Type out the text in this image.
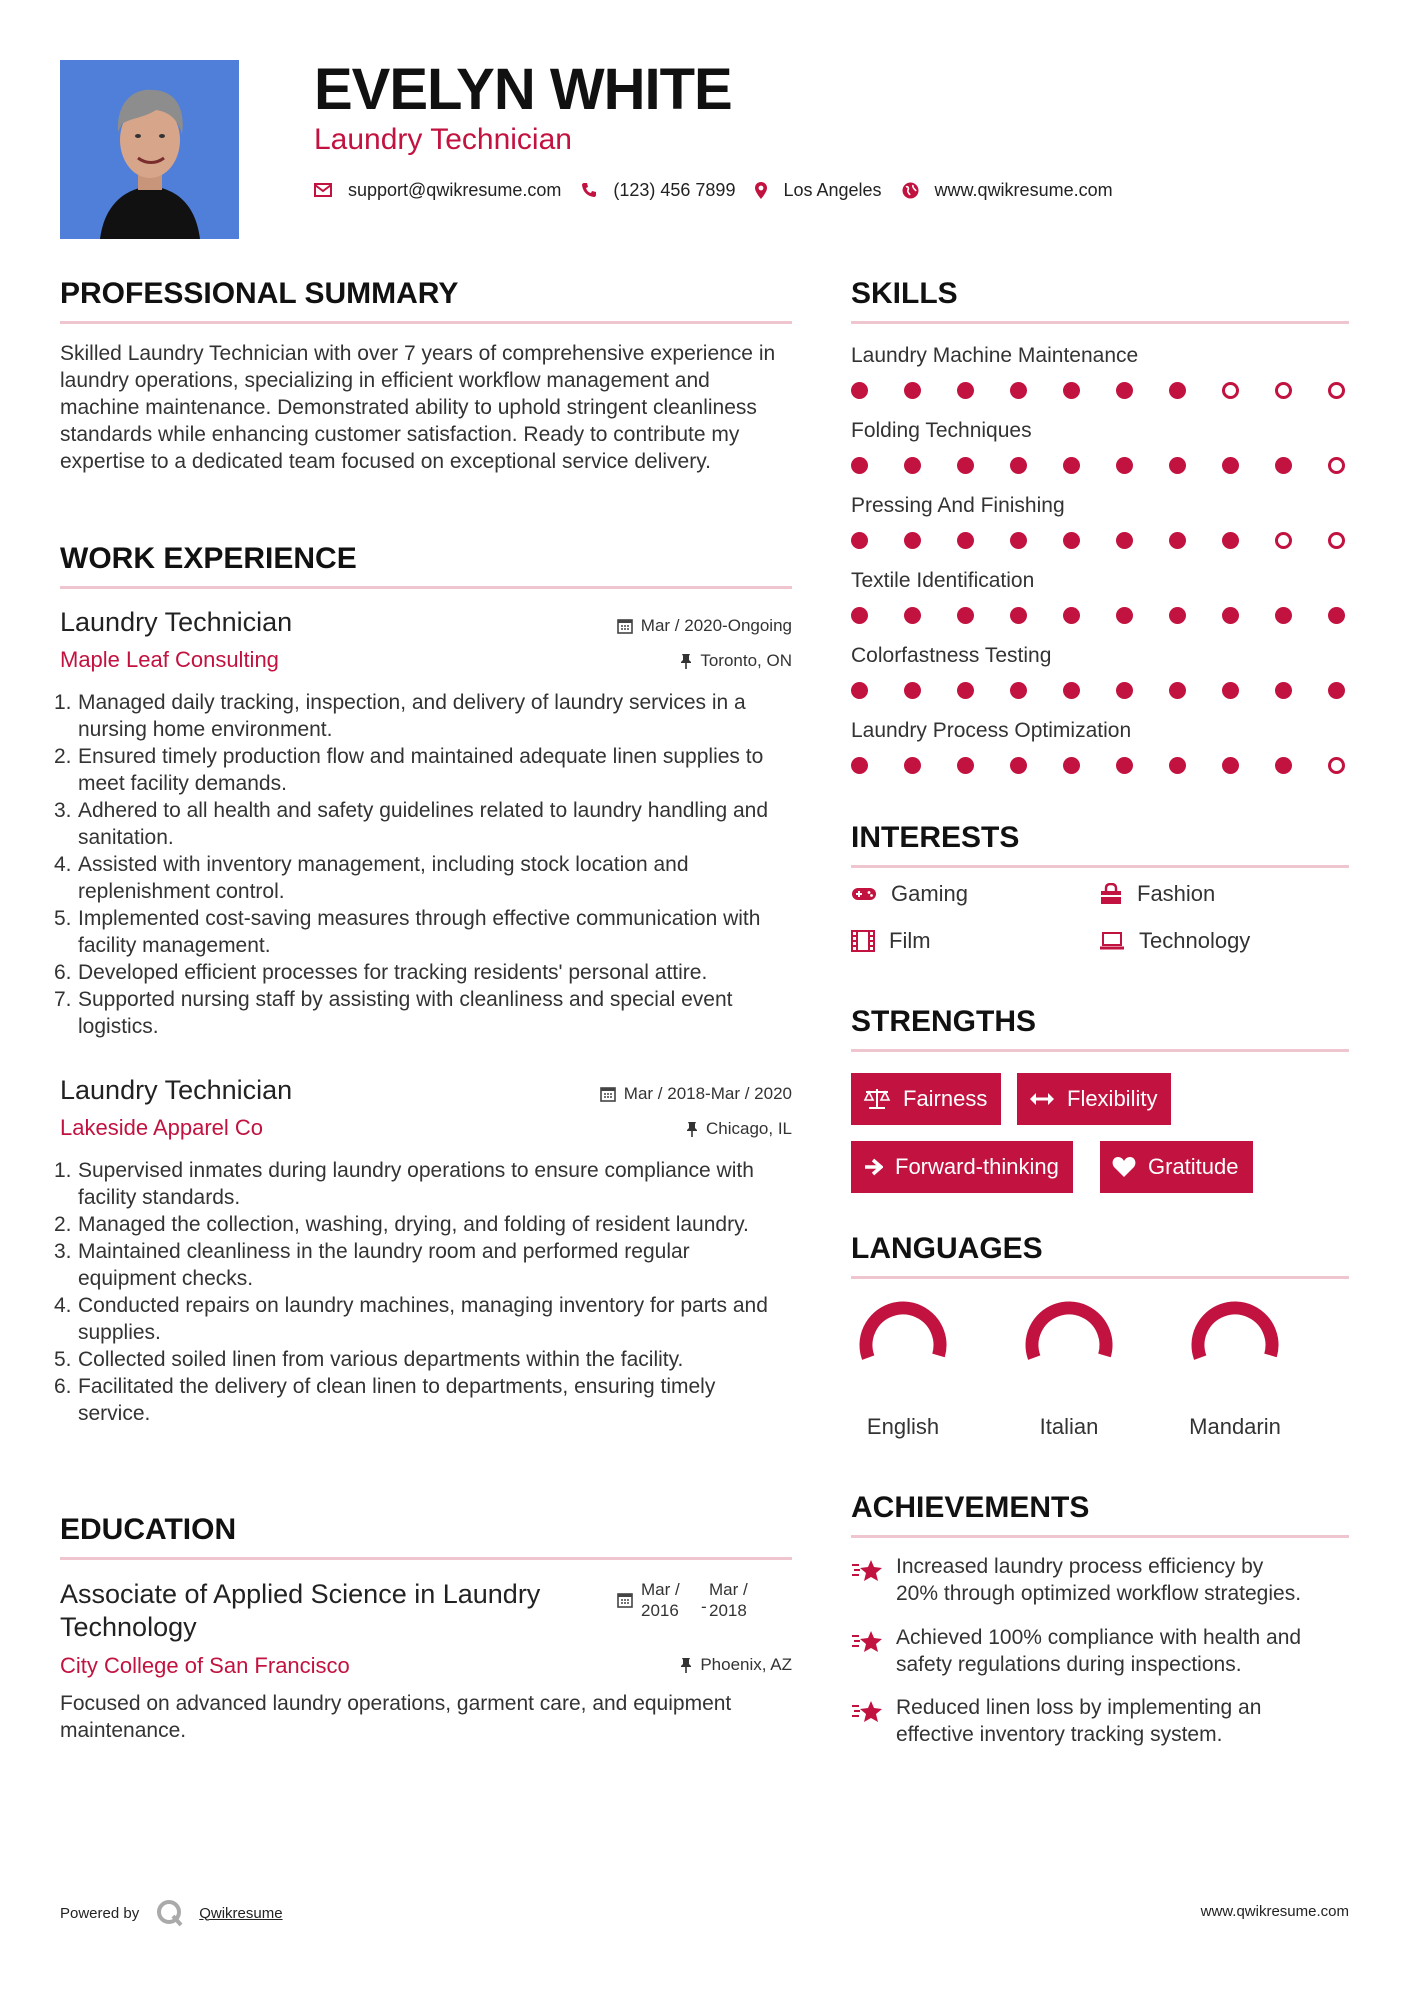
EVELYN WHITE
Laundry Technician
support@qwikresume.com	(123) 456 7899	Los Angeles	www.qwikresume.com
PROFESSIONAL SUMMARY
Skilled Laundry Technician with over 7 years of comprehensive experience in laundry operations, specializing in efficient workflow management and machine maintenance. Demonstrated ability to uphold stringent cleanliness standards while enhancing customer satisfaction. Ready to contribute my expertise to a dedicated team focused on exceptional service delivery.
WORK EXPERIENCE
Laundry Technician	Mar / 2020-Ongoing
Maple Leaf Consulting	Toronto, ON
1. Managed daily tracking, inspection, and delivery of laundry services in a nursing home environment.
2. Ensured timely production flow and maintained adequate linen supplies to meet facility demands.
3. Adhered to all health and safety guidelines related to laundry handling and sanitation.
4. Assisted with inventory management, including stock location and replenishment control.
5. Implemented cost-saving measures through effective communication with facility management.
6. Developed efficient processes for tracking residents' personal attire.
7. Supported nursing staff by assisting with cleanliness and special event logistics.
Laundry Technician	Mar / 2018-Mar / 2020
Lakeside Apparel Co	Chicago, IL
1. Supervised inmates during laundry operations to ensure compliance with facility standards.
2. Managed the collection, washing, drying, and folding of resident laundry.
3. Maintained cleanliness in the laundry room and performed regular equipment checks.
4. Conducted repairs on laundry machines, managing inventory for parts and supplies.
5. Collected soiled linen from various departments within the facility.
6. Facilitated the delivery of clean linen to departments, ensuring timely service.
EDUCATION
Associate of Applied Science in Laundry
Technology
Mar /
2016	-
Mar /
2018
City College of San Francisco	Phoenix, AZ
Focused on advanced laundry operations, garment care, and equipment maintenance.
SKILLS
Laundry Machine Maintenance
Folding Techniques
Pressing And Finishing
Textile Identification
Colorfastness Testing
Laundry Process Optimization
INTERESTS
Gaming	Fashion
Film	Technology
STRENGTHS
Fairness	Flexibility
Forward-thinking	Gratitude
LANGUAGES
English	Italian	Mandarin
ACHIEVEMENTS
Increased laundry process efficiency by
20% through optimized workflow strategies.
Achieved 100% compliance with health and
safety regulations during inspections.
Reduced linen loss by implementing an
effective inventory tracking system.
Powered by	Qwikresume	www.qwikresume.com
